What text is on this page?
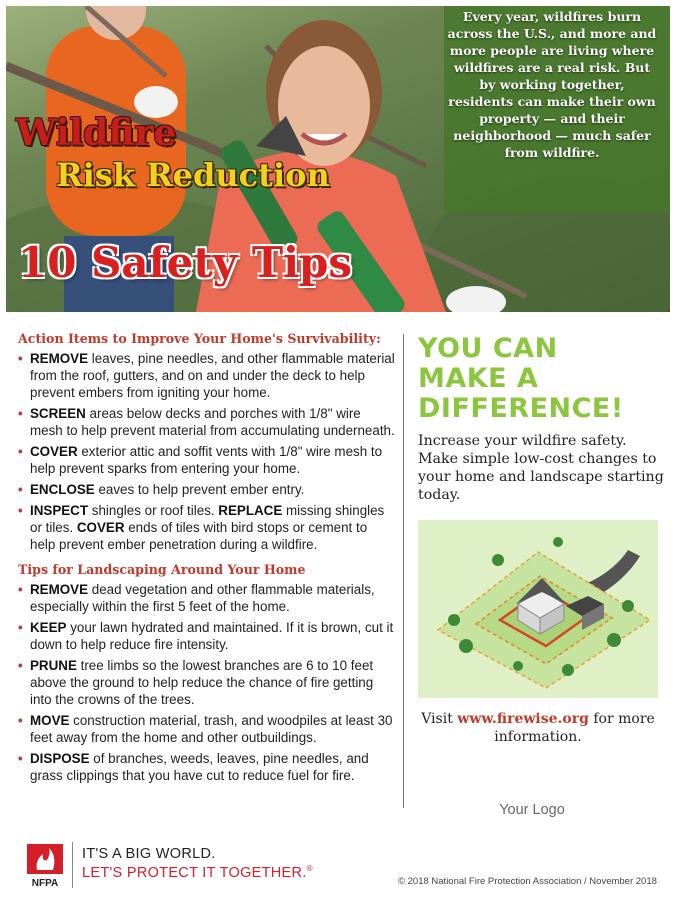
Every year, wildfires burn across the U.S., and more and more people are living where wildfires are a real risk. But by working together, residents can make their own property — and their neighborhood — much safer from wildfire.
Wildfire
Risk Reduction
10 Safety Tips
Action Items to Improve Your Home's Survivability:
• REMOVE leaves, pine needles, and other flammable material from the roof, gutters, and on and under the deck to help prevent embers from igniting your home.
• SCREEN areas below decks and porches with 1/8" wire mesh to help prevent material from accumulating underneath.
• COVER exterior attic and soffit vents with 1/8" wire mesh to help prevent sparks from entering your home.
• ENCLOSE eaves to help prevent ember entry.
• INSPECT shingles or roof tiles. REPLACE missing shingles or tiles. COVER ends of tiles with bird stops or cement to help prevent ember penetration during a wildfire.
Tips for Landscaping Around Your Home
• REMOVE dead vegetation and other flammable materials, especially within the first 5 feet of the home.
• KEEP your lawn hydrated and maintained. If it is brown, cut it down to help reduce fire intensity.
• PRUNE tree limbs so the lowest branches are 6 to 10 feet above the ground to help reduce the chance of fire getting into the crowns of the trees.
• MOVE construction material, trash, and woodpiles at least 30 feet away from the home and other outbuildings.
• DISPOSE of branches, weeds, leaves, pine needles, and grass clippings that you have cut to reduce fuel for fire.
YOU CAN
MAKE A
DIFFERENCE!
Increase your wildfire safety. Make simple low-cost changes to your home and landscape starting today.
Visit www.firewise.org for more information.
Your Logo
NFPA
IT'S A BIG WORLD.
LET'S PROTECT IT TOGETHER.®
© 2018 National Fire Protection Association / November 2018
